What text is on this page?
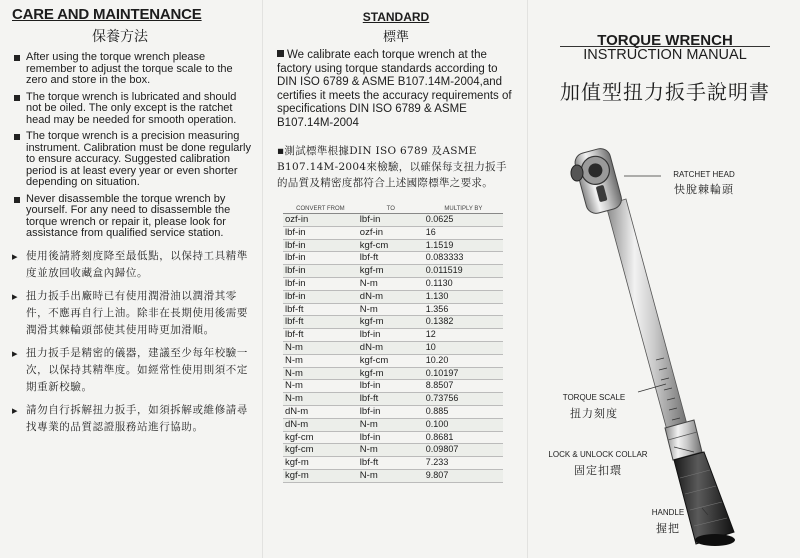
CARE AND MAINTENANCE
保養方法
After using the torque wrench please remember to adjust the torque scale to the zero and store in the box.
The torque wrench is lubricated and should not be oiled. The only except is the ratchet head may be needed for smooth operation.
The torque wrench is a precision measuring instrument. Calibration must be done regularly to ensure accuracy. Suggested calibration period is at least every year or even shorter depending on situation.
Never disassemble the torque wrench by yourself. For any need to disassemble the torque wrench or repair it, please look for assistance from qualified service station.
▸ 使用後請將刻度降至最低點，以保持工具精準度並放回收藏盒內歸位。
▸ 扭力扳手出廠時已有使用潤滑油以潤滑其零件，不應再自行上油。除非在長期使用後需要潤滑其棘輪頭部使其使用時更加滑順。
▸ 扭力扳手是精密的儀器，建議至少每年校驗一次，以保持其精準度。如經常性使用則須不定期重新校驗。
▸ 請勿自行拆解扭力扳手，如須拆解或維修請尋找專業的品質認證服務站進行協助。
STANDARD
標準
We calibrate each torque wrench at the factory using torque standards according to DIN ISO 6789 & ASME B107.14M-2004,and certifies it meets the accuracy requirements of specifications DIN ISO 6789 & ASME B107.14M-2004
▪測試標準根據DIN ISO 6789 及ASME B107.14M-2004來檢驗，以確保每支扭力扳手的品質及精密度都符合上述國際標準之要求。
CONVERT FROM	TO	MULTIPLY BY
ozf-in	lbf-in	0.0625
lbf-in	ozf-in	16
lbf-in	kgf-cm	1.1519
lbf-in	lbf-ft	0.083333
lbf-in	kgf-m	0.011519
lbf-in	N-m	0.1130
lbf-in	dN-m	1.130
lbf-ft	N-m	1.356
lbf-ft	kgf-m	0.1382
lbf-ft	lbf-in	12
N-m	dN-m	10
N-m	kgf-cm	10.20
N-m	kgf-m	0.10197
N-m	lbf-in	8.8507
N-m	lbf-ft	0.73756
dN-m	lbf-in	0.885
dN-m	N-m	0.100
kgf-cm	lbf-in	0.8681
kgf-cm	N-m	0.09807
kgf-m	lbf-ft	7.233
kgf-m	N-m	9.807
TORQUE WRENCH
INSTRUCTION MANUAL
加值型扭力扳手說明書
RATCHET HEAD
快脫棘輪頭
TORQUE SCALE
扭力刻度
LOCK & UNLOCK COLLAR
固定扣環
HANDLE
握把
